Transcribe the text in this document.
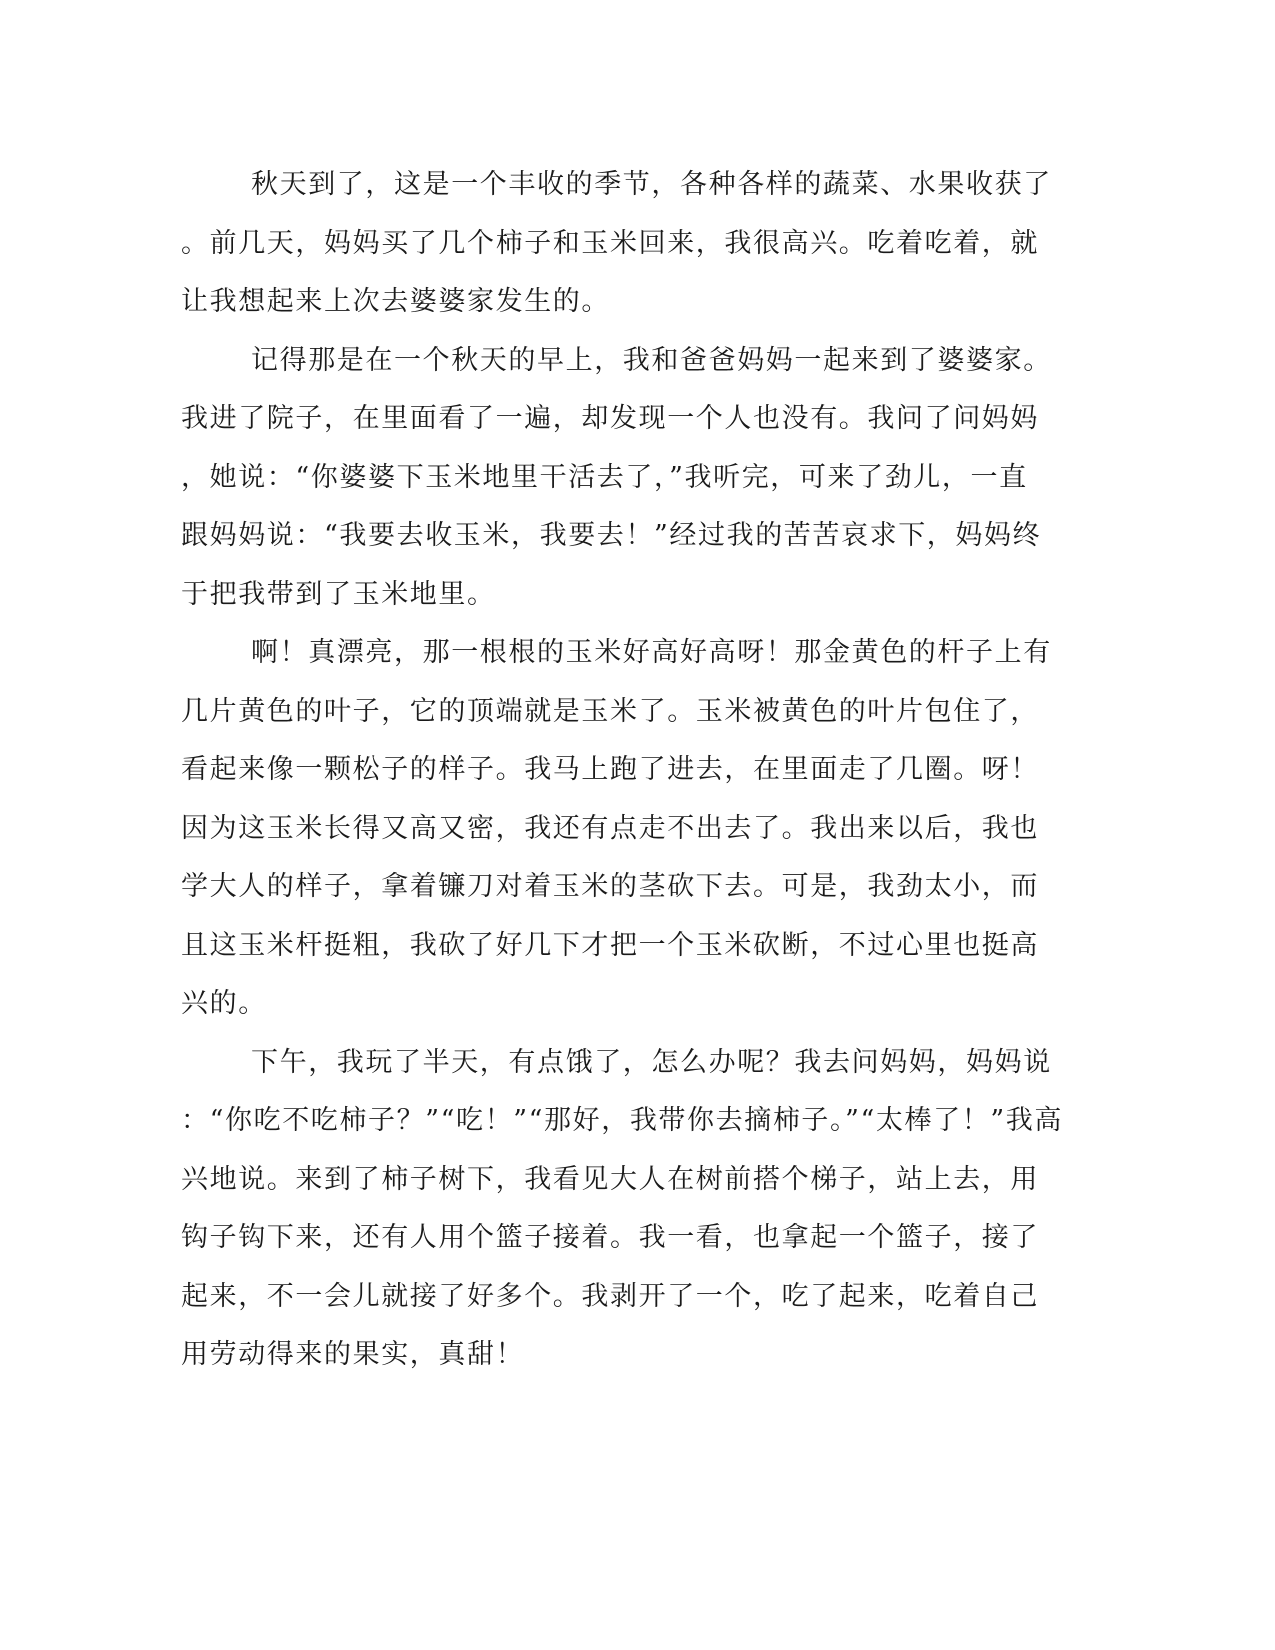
秋天到了，这是一个丰收的季节，各种各样的蔬菜、水果收获了
。前几天，妈妈买了几个柿子和玉米回来，我很高兴。吃着吃着，就
让我想起来上次去婆婆家发生的。

记得那是在一个秋天的早上，我和爸爸妈妈一起来到了婆婆家。
我进了院子，在里面看了一遍，却发现一个人也没有。我问了问妈妈
，她说：“你婆婆下玉米地里干活去了，”我听完，可来了劲儿，一直
跟妈妈说：“我要去收玉米，我要去！”经过我的苦苦哀求下，妈妈终
于把我带到了玉米地里。

啊！真漂亮，那一根根的玉米好高好高呀！那金黄色的杆子上有
几片黄色的叶子，它的顶端就是玉米了。玉米被黄色的叶片包住了，
看起来像一颗松子的样子。我马上跑了进去，在里面走了几圈。呀！
因为这玉米长得又高又密，我还有点走不出去了。我出来以后，我也
学大人的样子，拿着镰刀对着玉米的茎砍下去。可是，我劲太小，而
且这玉米杆挺粗，我砍了好几下才把一个玉米砍断，不过心里也挺高
兴的。

下午，我玩了半天，有点饿了，怎么办呢？我去问妈妈，妈妈说
：“你吃不吃柿子？”“吃！”“那好，我带你去摘柿子。”“太棒了！”我高
兴地说。来到了柿子树下，我看见大人在树前搭个梯子，站上去，用
钩子钩下来，还有人用个篮子接着。我一看，也拿起一个篮子，接了
起来，不一会儿就接了好多个。我剥开了一个，吃了起来，吃着自己
用劳动得来的果实，真甜！
